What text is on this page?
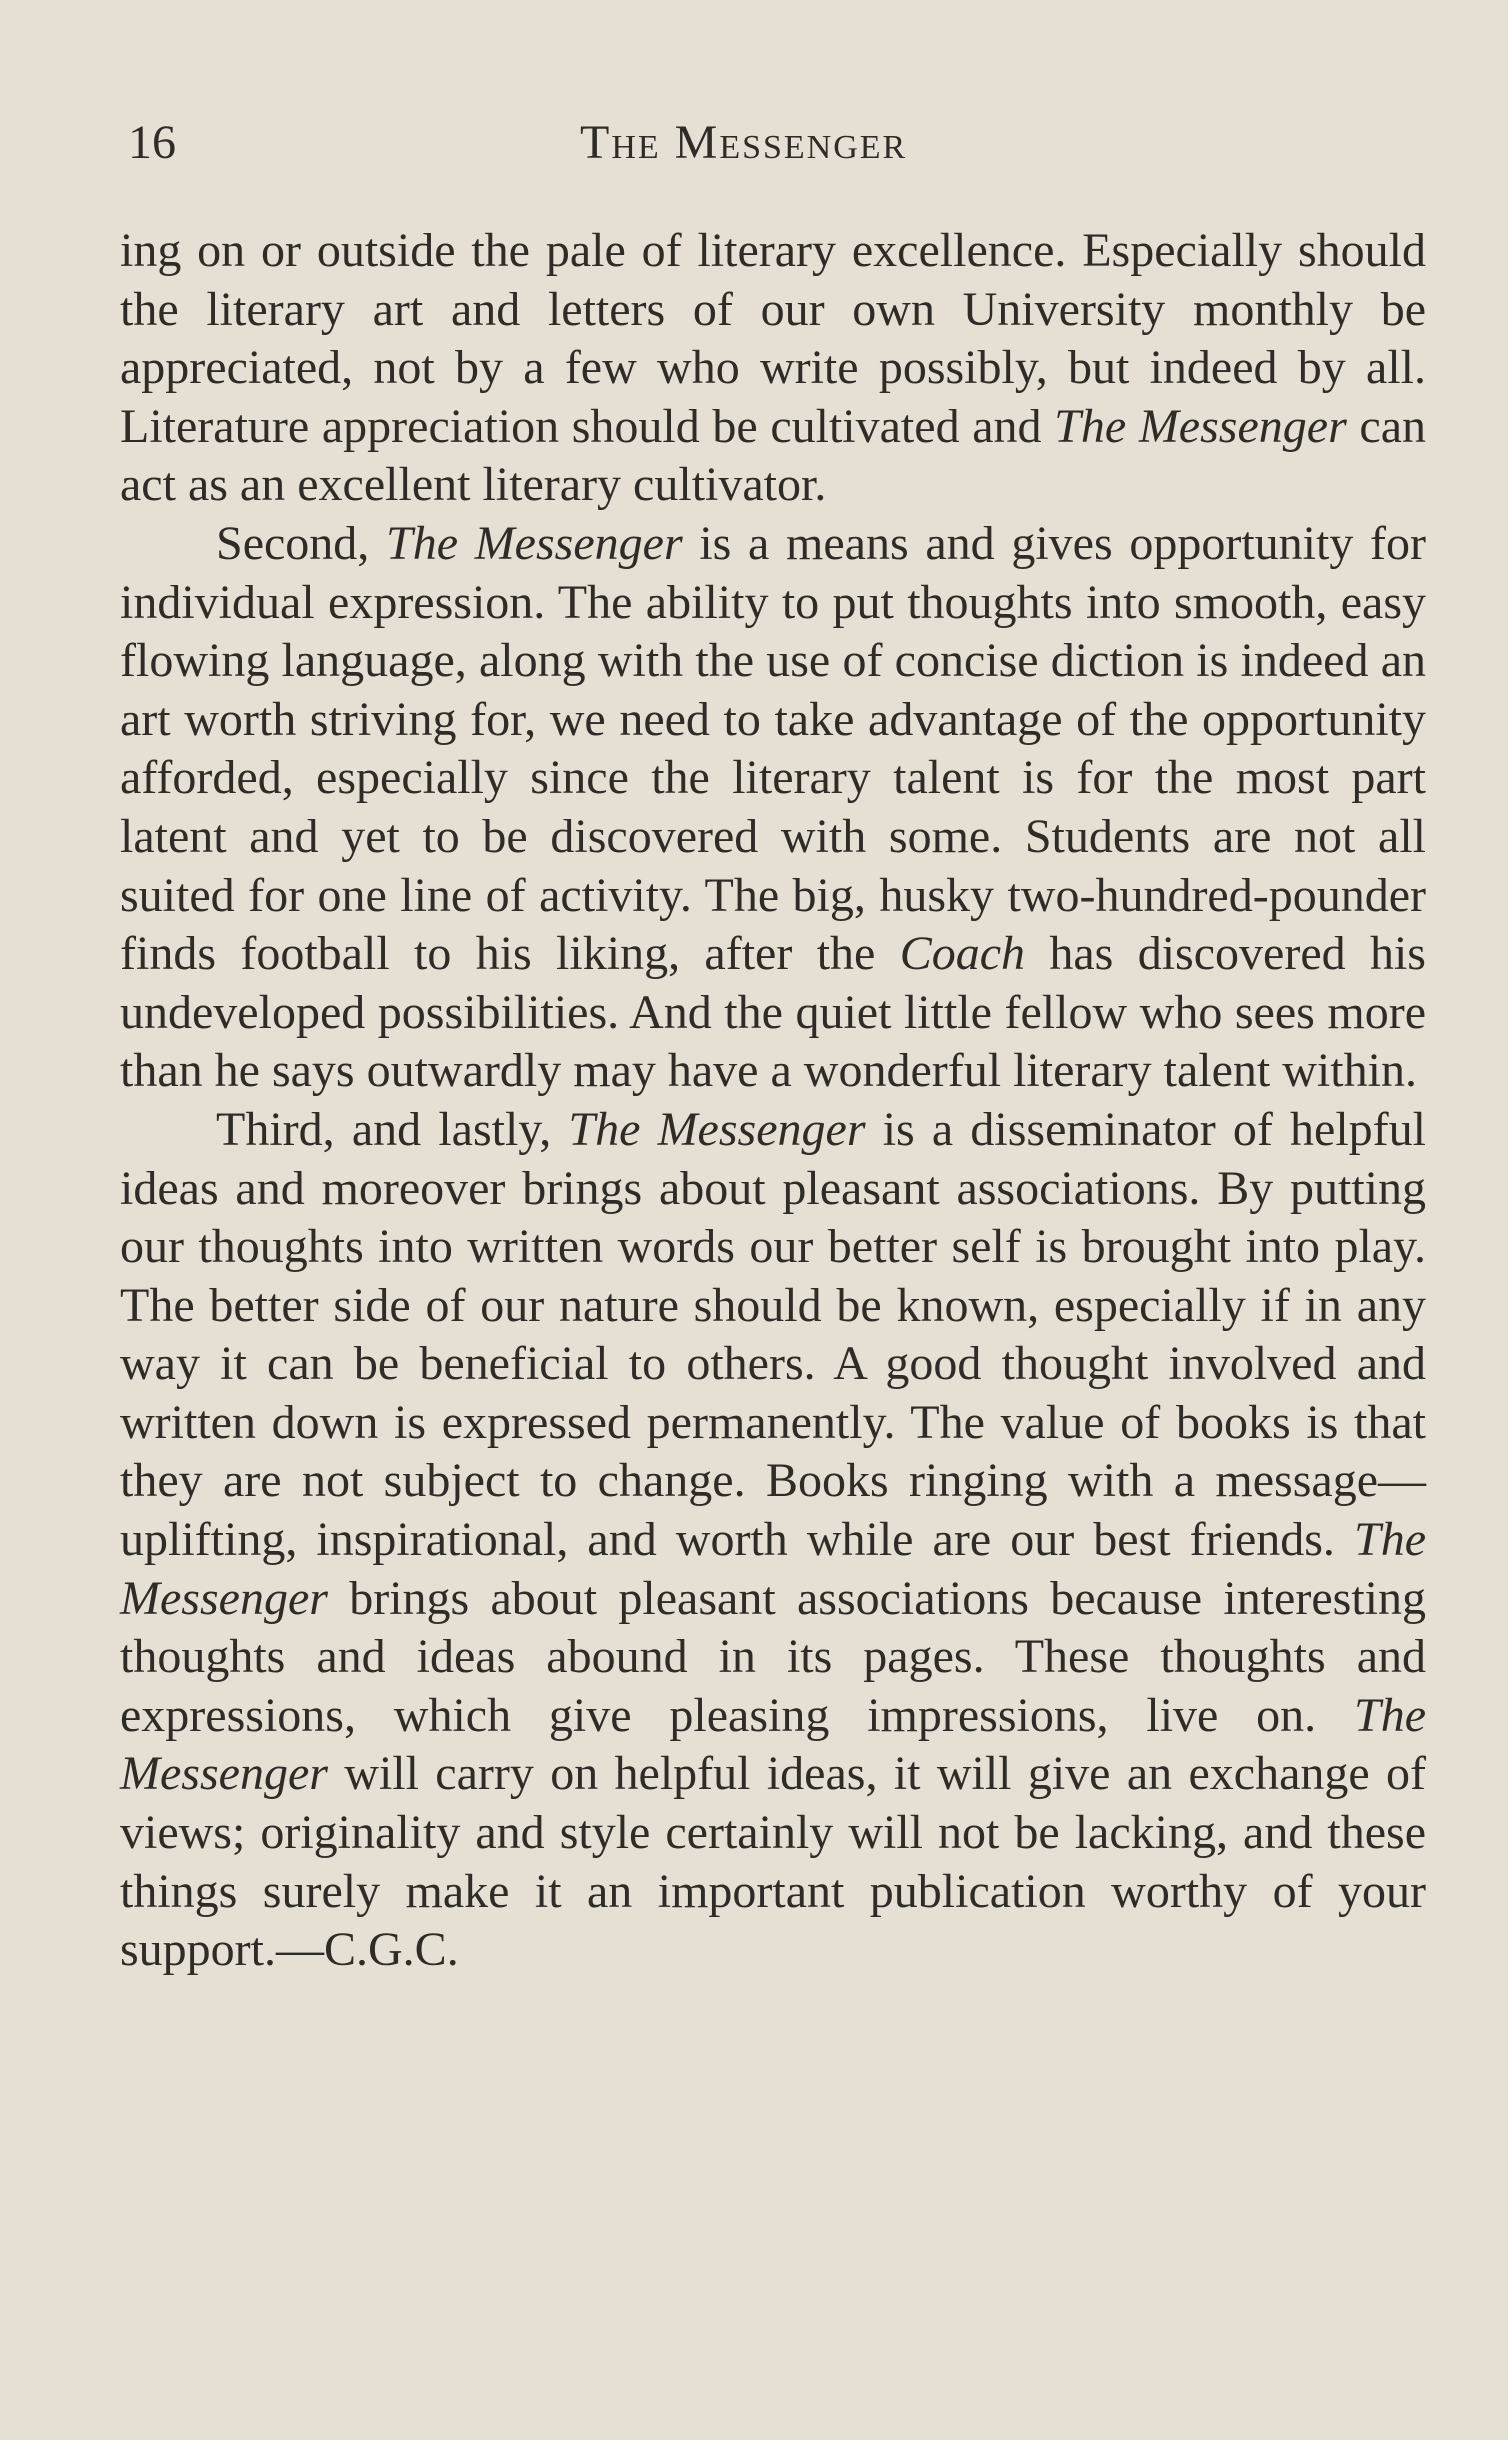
16	The Messenger

ing on or outside the pale of literary excellence. Especially should the literary art and letters of our own University monthly be appreciated, not by a few who write possibly, but indeed by all. Literature appreciation should be cultivated and The Messenger can act as an excellent literary cultivator.

Second, The Messenger is a means and gives opportunity for individual expression. The ability to put thoughts into smooth, easy flowing language, along with the use of concise diction is indeed an art worth striving for, we need to take advantage of the opportunity afforded, especially since the literary talent is for the most part latent and yet to be discovered with some. Students are not all suited for one line of activity. The big, husky two-hundred-pounder finds football to his liking, after the Coach has discovered his undeveloped possibilities. And the quiet little fellow who sees more than he says outwardly may have a wonderful literary talent within.

Third, and lastly, The Messenger is a disseminator of helpful ideas and moreover brings about pleasant associations. By putting our thoughts into written words our better self is brought into play. The better side of our nature should be known, especially if in any way it can be beneficial to others. A good thought involved and written down is expressed permanently. The value of books is that they are not subject to change. Books ringing with a message—uplifting, inspirational, and worth while are our best friends. The Messenger brings about pleasant associations because interesting thoughts and ideas abound in its pages. These thoughts and expressions, which give pleasing impressions, live on. The Messenger will carry on helpful ideas, it will give an exchange of views; originality and style certainly will not be lacking, and these things surely make it an important publication worthy of your support.—C.G.C.
